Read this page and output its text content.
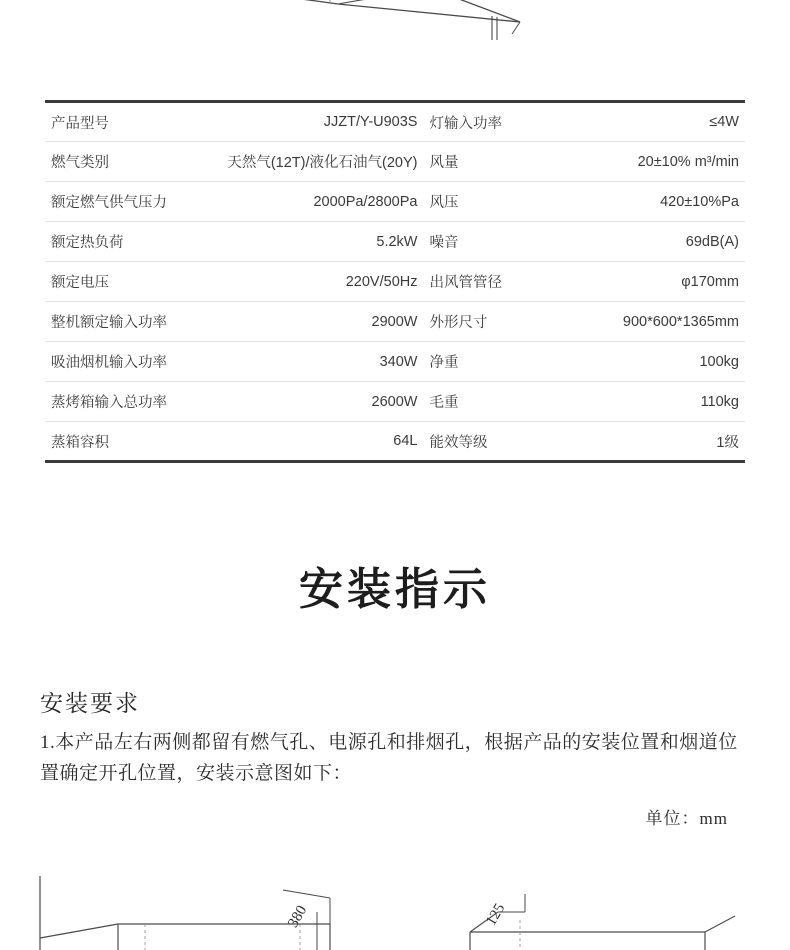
产品型号	JJZT/Y-U903S	灯输入功率	≤4W
燃气类别	天然气(12T)/液化石油气(20Y)	风量	20±10% m³/min
额定燃气供气压力	2000Pa/2800Pa	风压	420±10%Pa
额定热负荷	5.2kW	噪音	69dB(A)
额定电压	220V/50Hz	出风管管径	φ170mm
整机额定输入功率	2900W	外形尺寸	900*600*1365mm
吸油烟机输入功率	340W	净重	100kg
蒸烤箱输入总功率	2600W	毛重	110kg
蒸箱容积	64L	能效等级	1级
安装指示
安装要求

1.本产品左右两侧都留有燃气孔、电源孔和排烟孔，根据产品的安装位置和烟道位置确定开孔位置，安装示意图如下：

单位：mm
380	125
